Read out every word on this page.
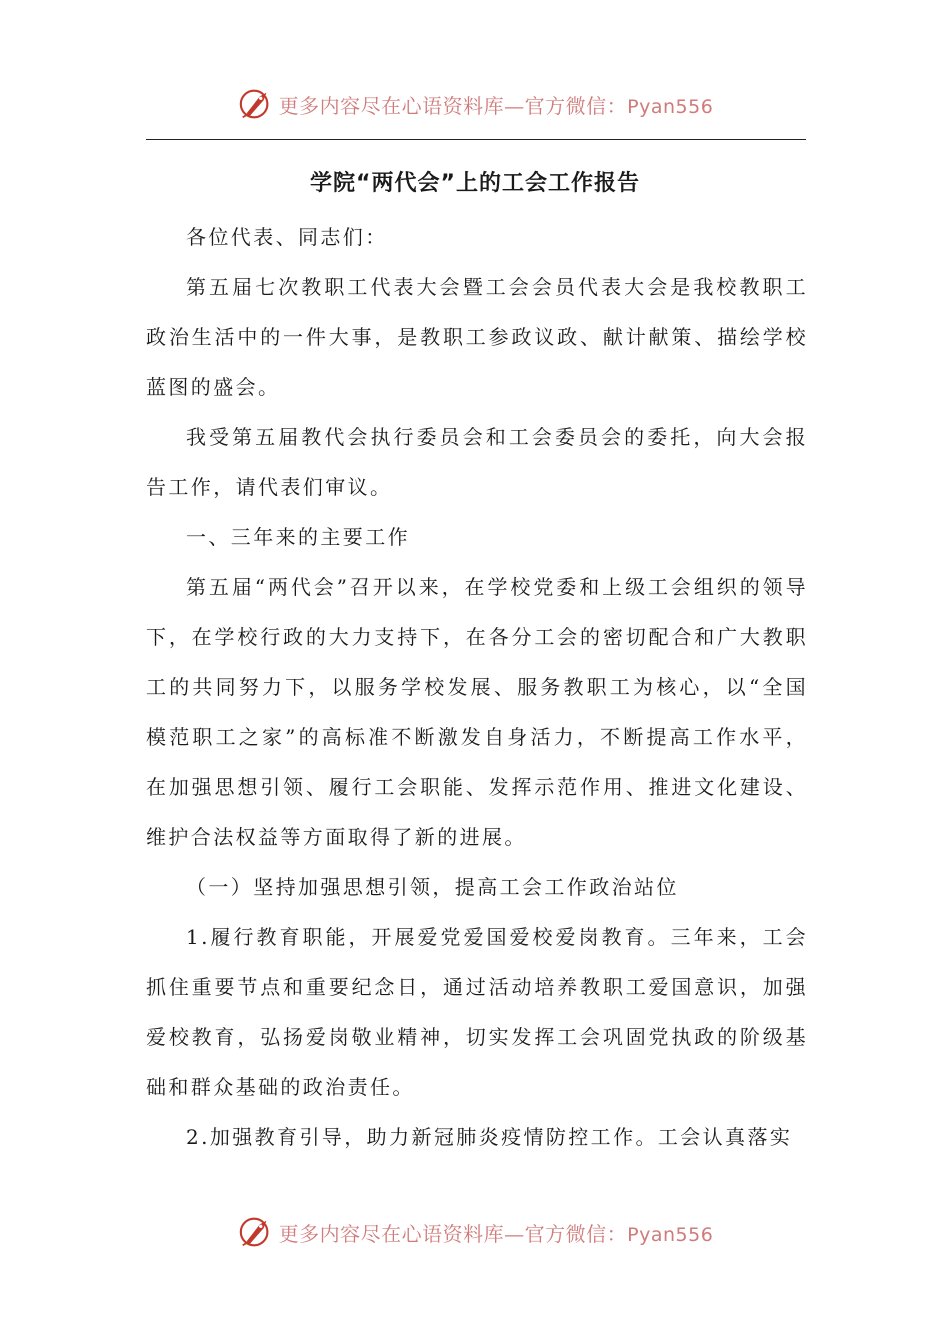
更多内容尽在心语资料库—官方微信：Pyan556
学院“两代会”上的工会工作报告

各位代表、同志们：

第五届七次教职工代表大会暨工会会员代表大会是我校教职工政治生活中的一件大事，是教职工参政议政、献计献策、描绘学校蓝图的盛会。

我受第五届教代会执行委员会和工会委员会的委托，向大会报告工作，请代表们审议。

一、三年来的主要工作

第五届“两代会”召开以来，在学校党委和上级工会组织的领导下，在学校行政的大力支持下，在各分工会的密切配合和广大教职工的共同努力下，以服务学校发展、服务教职工为核心，以“全国模范职工之家”的高标准不断激发自身活力，不断提高工作水平，在加强思想引领、履行工会职能、发挥示范作用、推进文化建设、维护合法权益等方面取得了新的进展。

（一）坚持加强思想引领，提高工会工作政治站位

1.履行教育职能，开展爱党爱国爱校爱岗教育。三年来，工会抓住重要节点和重要纪念日，通过活动培养教职工爱国意识，加强爱校教育，弘扬爱岗敬业精神，切实发挥工会巩固党执政的阶级基础和群众基础的政治责任。

2.加强教育引导，助力新冠肺炎疫情防控工作。工会认真落实

更多内容尽在心语资料库—官方微信：Pyan556
